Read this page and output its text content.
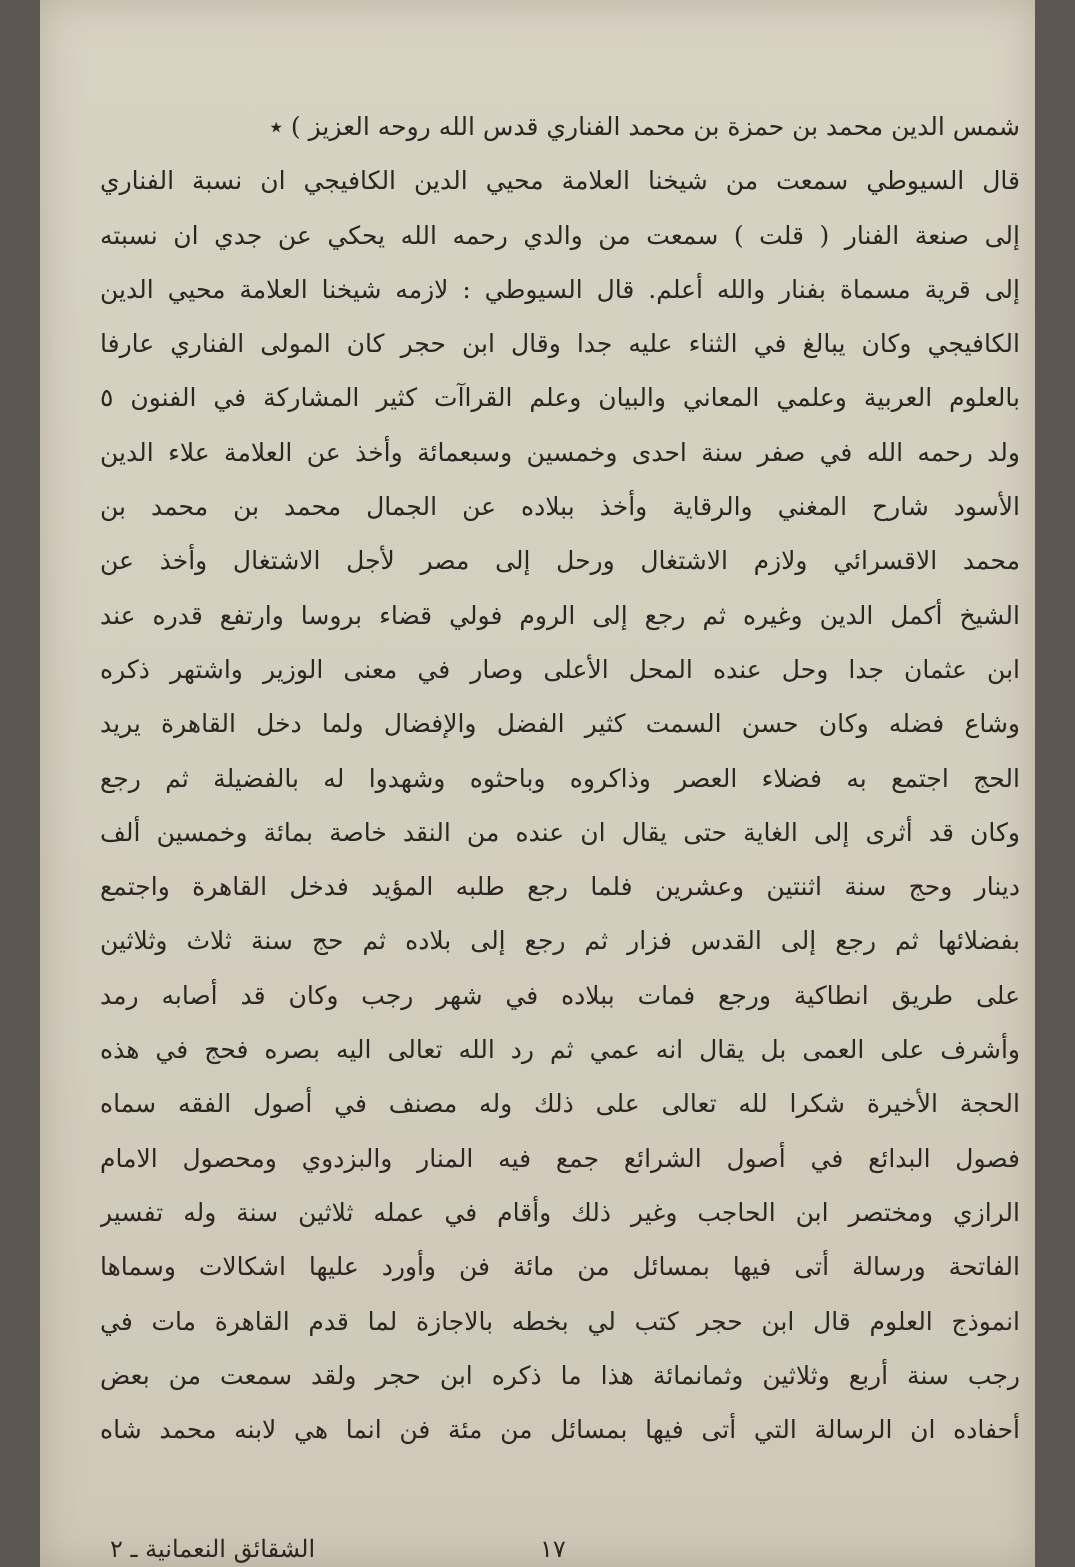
شمس الدين محمد بن حمزة بن محمد الفناري قدس الله روحه العزيز ) ٭
قال السيوطي سمعت من شيخنا العلامة محيي الدين الكافيجي ان نسبة الفناري
إلى صنعة الفنار ( قلت ) سمعت من والدي رحمه الله يحكي عن جدي ان نسبته
إلى قرية مسماة بفنار والله أعلم. قال السيوطي : لازمه شيخنا العلامة محيي الدين
الكافيجي وكان يبالغ في الثناء عليه جدا وقال ابن حجر كان المولى الفناري عارفا
بالعلوم العربية وعلمي المعاني والبيان وعلم القراآت كثير المشاركة في الفنون ٥
ولد رحمه الله في صفر سنة احدى وخمسين وسبعمائة وأخذ عن العلامة علاء الدين
الأسود شارح المغني والرقاية وأخذ ببلاده عن الجمال محمد بن محمد بن
محمد الاقسرائي ولازم الاشتغال ورحل إلى مصر لأجل الاشتغال وأخذ عن
الشيخ أكمل الدين وغيره ثم رجع إلى الروم فولي قضاء بروسا وارتفع قدره عند
ابن عثمان جدا وحل عنده المحل الأعلى وصار في معنى الوزير واشتهر ذكره
وشاع فضله وكان حسن السمت كثير الفضل والإفضال ولما دخل القاهرة يريد
الحج اجتمع به فضلاء العصر وذاكروه وباحثوه وشهدوا له بالفضيلة ثم رجع
وكان قد أثرى إلى الغاية حتى يقال ان عنده من النقد خاصة بمائة وخمسين ألف
دينار وحج سنة اثنتين وعشرين فلما رجع طلبه المؤيد فدخل القاهرة واجتمع
بفضلائها ثم رجع إلى القدس فزار ثم رجع إلى بلاده ثم حج سنة ثلاث وثلاثين
على طريق انطاكية ورجع فمات ببلاده في شهر رجب وكان قد أصابه رمد
وأشرف على العمى بل يقال انه عمي ثم رد الله تعالى اليه بصره فحج في هذه
الحجة الأخيرة شكرا لله تعالى على ذلك وله مصنف في أصول الفقه سماه
فصول البدائع في أصول الشرائع جمع فيه المنار والبزدوي ومحصول الامام
الرازي ومختصر ابن الحاجب وغير ذلك وأقام في عمله ثلاثين سنة وله تفسير
الفاتحة ورسالة أتى فيها بمسائل من مائة فن وأورد عليها اشكالات وسماها
انموذج العلوم قال ابن حجر كتب لي بخطه بالاجازة لما قدم القاهرة مات في
رجب سنة أربع وثلاثين وثمانمائة هذا ما ذكره ابن حجر ولقد سمعت من بعض
أحفاده ان الرسالة التي أتى فيها بمسائل من مئة فن انما هي لابنه محمد شاه
١٧
الشقائق النعمانية ـ ٢
